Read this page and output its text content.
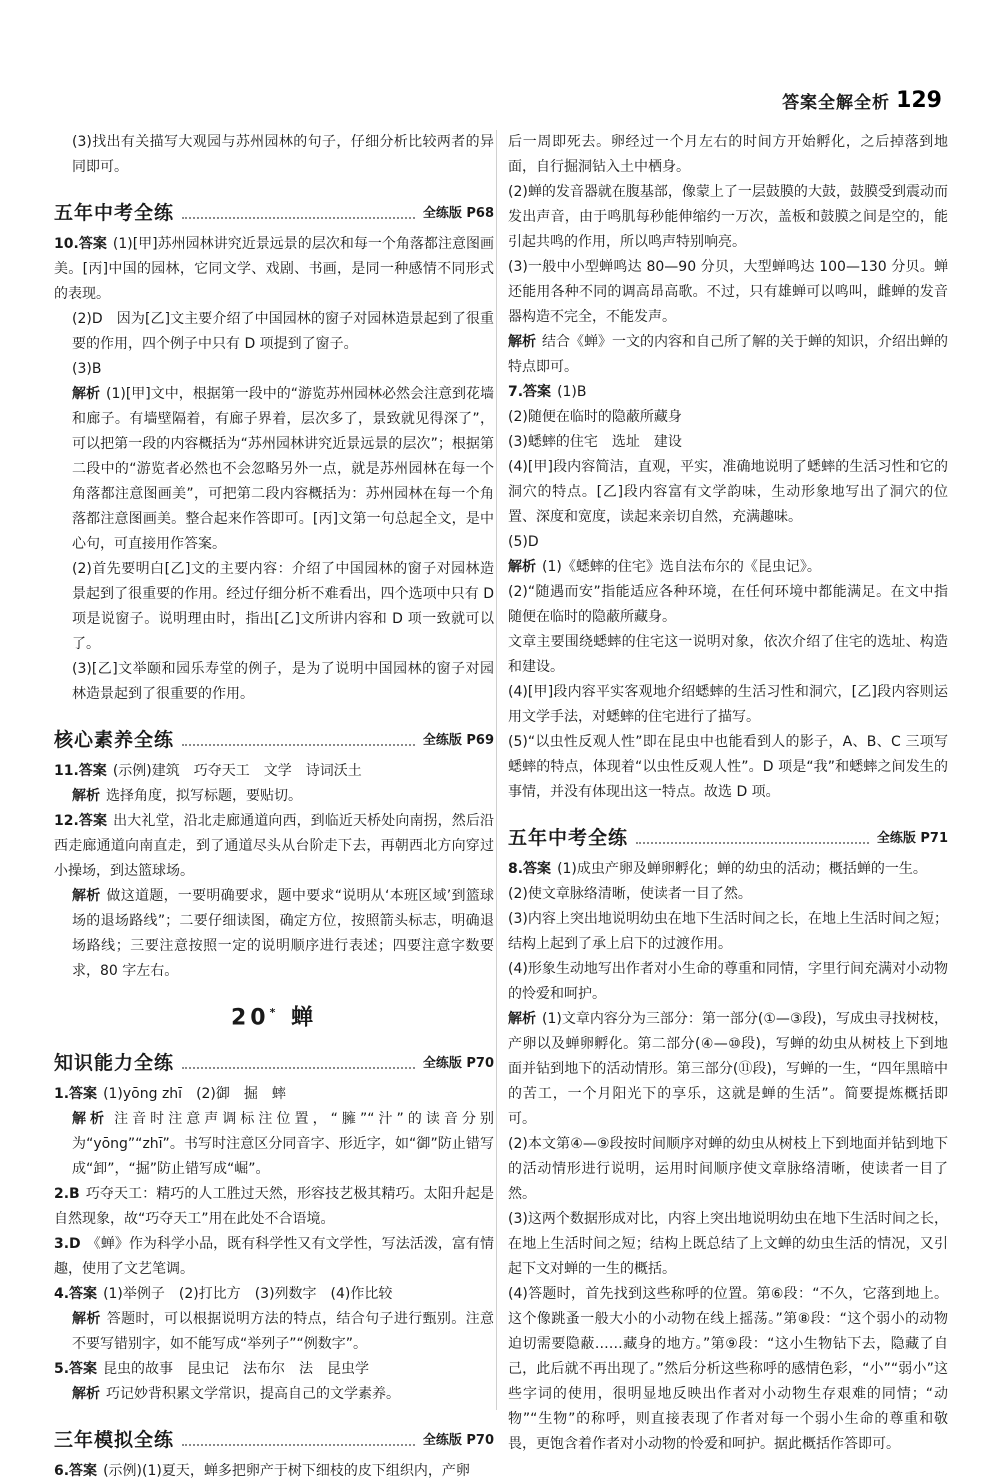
答案全解全析 129

(3)找出有关描写大观园与苏州园林的句子，仔细分析比较两者的异同即可。

五年中考全练	全练版 P68

10.答案 (1)[甲]苏州园林讲究近景远景的层次和每一个角落都注意图画美。[丙]中国的园林，它同文学、戏剧、书画，是同一种感情不同形式的表现。

(2)D　因为[乙]文主要介绍了中国园林的窗子对园林造景起到了很重要的作用，四个例子中只有 D 项提到了窗子。

(3)B

解析 (1)[甲]文中，根据第一段中的“游览苏州园林必然会注意到花墙和廊子。有墙壁隔着，有廊子界着，层次多了，景致就见得深了”，可以把第一段的内容概括为“苏州园林讲究近景远景的层次”；根据第二段中的“游览者必然也不会忽略另外一点，就是苏州园林在每一个角落都注意图画美”，可把第二段内容概括为：苏州园林在每一个角落都注意图画美。整合起来作答即可。[丙]文第一句总起全文，是中心句，可直接用作答案。

(2)首先要明白[乙]文的主要内容：介绍了中国园林的窗子对园林造景起到了很重要的作用。经过仔细分析不难看出，四个选项中只有 D 项是说窗子。说明理由时，指出[乙]文所讲内容和 D 项一致就可以了。

(3)[乙]文举颐和园乐寿堂的例子，是为了说明中国园林的窗子对园林造景起到了很重要的作用。

核心素养全练	全练版 P69

11.答案 (示例)建筑　巧夺天工　文学　诗词沃土

解析 选择角度，拟写标题，要贴切。

12.答案 出大礼堂，沿北走廊通道向西，到临近天桥处向南拐，然后沿西走廊通道向南直走，到了通道尽头从台阶走下去，再朝西北方向穿过小操场，到达篮球场。

解析 做这道题，一要明确要求，题中要求“说明从‘本班区域’到篮球场的退场路线”；二要仔细读图，确定方位，按照箭头标志，明确退场路线；三要注意按照一定的说明顺序进行表述；四要注意字数要求，80 字左右。

20* 蝉
知识能力全练	全练版 P70

1.答案 (1)yōng zhī　(2)御　掘　蟀

解析 注音时注意声调标注位置，“臃”“汁”的读音分别为“yōng”“zhī”。书写时注意区分同音字、形近字，如“御”防止错写成“卸”，“掘”防止错写成“崛”。

2.B 巧夺天工：精巧的人工胜过天然，形容技艺极其精巧。太阳升起是自然现象，故“巧夺天工”用在此处不合语境。

3.D 《蝉》作为科学小品，既有科学性又有文学性，写法活泼，富有情趣，使用了文艺笔调。

4.答案 (1)举例子　(2)打比方　(3)列数字　(4)作比较

解析 答题时，可以根据说明方法的特点，结合句子进行甄别。注意不要写错别字，如不能写成“举列子”“例数字”。

5.答案 昆虫的故事　昆虫记　法布尔　法　昆虫学

解析 巧记妙背积累文学常识，提高自己的文学素养。

三年模拟全练	全练版 P70

6.答案 (示例)(1)夏天，蝉多把卵产于树下细枝的皮下组织内，产卵

后一周即死去。卵经过一个月左右的时间方开始孵化，之后掉落到地面，自行掘洞钻入土中栖身。

(2)蝉的发音器就在腹基部，像蒙上了一层鼓膜的大鼓，鼓膜受到震动而发出声音，由于鸣肌每秒能伸缩约一万次，盖板和鼓膜之间是空的，能引起共鸣的作用，所以鸣声特别响亮。

(3)一般中小型蝉鸣达 80—90 分贝，大型蝉鸣达 100—130 分贝。蝉还能用各种不同的调高昂高歌。不过，只有雄蝉可以鸣叫，雌蝉的发音器构造不完全，不能发声。

解析 结合《蝉》一文的内容和自己所了解的关于蝉的知识，介绍出蝉的特点即可。

7.答案 (1)B

(2)随便在临时的隐蔽所藏身

(3)蟋蟀的住宅　选址　建设

(4)[甲]段内容简洁，直观，平实，准确地说明了蟋蟀的生活习性和它的洞穴的特点。[乙]段内容富有文学韵味，生动形象地写出了洞穴的位置、深度和宽度，读起来亲切自然，充满趣味。

(5)D

解析 (1)《蟋蟀的住宅》选自法布尔的《昆虫记》。

(2)“随遇而安”指能适应各种环境，在任何环境中都能满足。在文中指随便在临时的隐蔽所藏身。

文章主要围绕蟋蟀的住宅这一说明对象，依次介绍了住宅的选址、构造和建设。

(4)[甲]段内容平实客观地介绍蟋蟀的生活习性和洞穴，[乙]段内容则运用文学手法，对蟋蟀的住宅进行了描写。

(5)“以虫性反观人性”即在昆虫中也能看到人的影子，A、B、C 三项写蟋蟀的特点，体现着“以虫性反观人性”。D 项是“我”和蟋蟀之间发生的事情，并没有体现出这一特点。故选 D 项。

五年中考全练	全练版 P71

8.答案 (1)成虫产卵及蝉卵孵化；蝉的幼虫的活动；概括蝉的一生。

(2)使文章脉络清晰，使读者一目了然。

(3)内容上突出地说明幼虫在地下生活时间之长，在地上生活时间之短；结构上起到了承上启下的过渡作用。

(4)形象生动地写出作者对小生命的尊重和同情，字里行间充满对小动物的怜爱和呵护。

解析 (1)文章内容分为三部分：第一部分(①—③段)，写成虫寻找树枝，产卵以及蝉卵孵化。第二部分(④—⑩段)，写蝉的幼虫从树枝上下到地面并钻到地下的活动情形。第三部分(⑪段)，写蝉的一生，“四年黑暗中的苦工，一个月阳光下的享乐，这就是蝉的生活”。简要提炼概括即可。

(2)本文第④—⑨段按时间顺序对蝉的幼虫从树枝上下到地面并钻到地下的活动情形进行说明，运用时间顺序使文章脉络清晰，使读者一目了然。

(3)这两个数据形成对比，内容上突出地说明幼虫在地下生活时间之长，在地上生活时间之短；结构上既总结了上文蝉的幼虫生活的情况，又引起下文对蝉的一生的概括。

(4)答题时，首先找到这些称呼的位置。第⑥段：“不久，它落到地上。这个像跳蚤一般大小的小动物在线上摇荡。”第⑧段：“这个弱小的动物迫切需要隐蔽……藏身的地方。”第⑨段：“这小生物钻下去，隐藏了自己，此后就不再出现了。”然后分析这些称呼的感情色彩，“小”“弱小”这些字词的使用，很明显地反映出作者对小动物生存艰难的同情；“动物”“生物”的称呼，则直接表现了作者对每一个弱小生命的尊重和敬畏，更饱含着作者对小动物的怜爱和呵护。据此概括作答即可。
